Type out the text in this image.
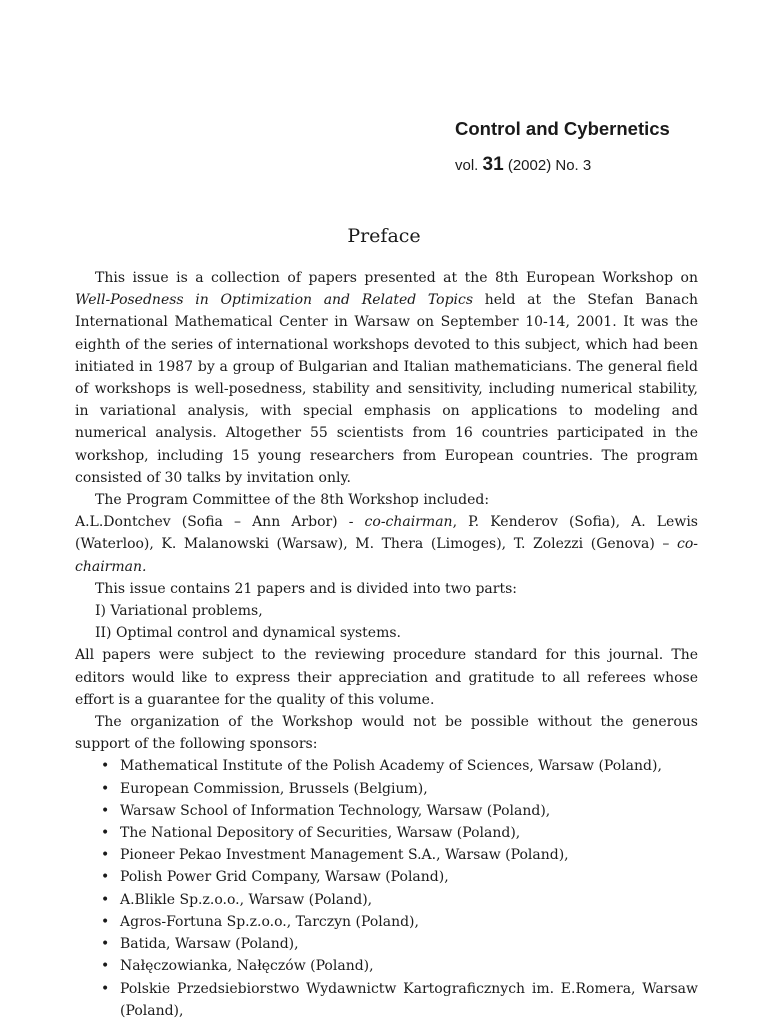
Control and Cybernetics
vol. 31 (2002) No. 3
Preface

This issue is a collection of papers presented at the 8th European Workshop on Well-Posedness in Optimization and Related Topics held at the Stefan Banach International Mathematical Center in Warsaw on September 10-14, 2001. It was the eighth of the series of international workshops devoted to this subject, which had been initiated in 1987 by a group of Bulgarian and Italian mathematicians. The general field of workshops is well-posedness, stability and sensitivity, including numerical stability, in variational analysis, with special emphasis on applications to modeling and numerical analysis. Altogether 55 scientists from 16 countries participated in the workshop, including 15 young researchers from European countries. The program consisted of 30 talks by invitation only.

The Program Committee of the 8th Workshop included:

A.L.Dontchev (Sofia – Ann Arbor) - co-chairman, P. Kenderov (Sofia), A. Lewis (Waterloo), K. Malanowski (Warsaw), M. Thera (Limoges), T. Zolezzi (Genova) – co-chairman.

This issue contains 21 papers and is divided into two parts:

I) Variational problems,
II) Optimal control and dynamical systems.

All papers were subject to the reviewing procedure standard for this journal. The editors would like to express their appreciation and gratitude to all referees whose effort is a guarantee for the quality of this volume.

The organization of the Workshop would not be possible without the generous support of the following sponsors:

• Mathematical Institute of the Polish Academy of Sciences, Warsaw (Poland),
• European Commission, Brussels (Belgium),
• Warsaw School of Information Technology, Warsaw (Poland),
• The National Depository of Securities, Warsaw (Poland),
• Pioneer Pekao Investment Management S.A., Warsaw (Poland),
• Polish Power Grid Company, Warsaw (Poland),
• A.Blikle Sp.z.o.o., Warsaw (Poland),
• Agros-Fortuna Sp.z.o.o., Tarczyn (Poland),
• Batida, Warsaw (Poland),
• Nałęczowianka, Nałęczów (Poland),
• Polskie Przedsiebiorstwo Wydawnictw Kartograficznych im. E.Romera, Warsaw (Poland),
